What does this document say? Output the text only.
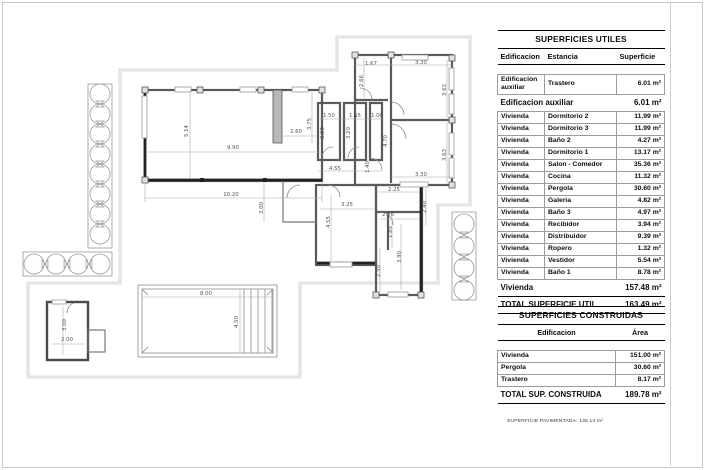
1.67	3.30
2.66
3.63
3.63
3.30
1.50	1.55 1.00
3.20	3.20
4.70
2.60
3.75
5.14
9.90
10.20
3.00
4.55	1.40
2.25
2.40
3.25
4.55
2.26
1.89
3.90
2.50
3.00
2.00
8.00
4.50
SUPERFICIES UTILES		
Edificacion	Estancia	Superficie

Edificacion auxiliar	Trastero	6.01 m²
Edificacion auxiliar		6.01 m²
Vivienda	Dormitorio 2	11.99 m²
Vivienda	Dormitorio 3	11.99 m²
Vivienda	Baño 2	4.27 m²
Vivienda	Dormitorio 1	13.17 m²
Vivienda	Salon - Comedor	35.36 m²
Vivienda	Cocina	11.32 m²
Vivienda	Pergola	30.60 m²
Vivienda	Galeria	4.82 m²
Vivienda	Baño 3	4.97 m²
Vivienda	Recibidor	3.94 m²
Vivienda	Distribuidor	9.39 m²
Vivienda	Ropero	1.32 m²
Vivienda	Vestidor	5.54 m²
Vivienda	Baño 1	8.78 m²
Vivienda		157.48 m²
TOTAL SUPERFICIE UTIL		163.49 m²
SUPERFICIES CONSTRUIDAS	
Edificacion	Área

Vivienda	151.00 m²
Pergola	30.60 m²
Trastero	8.17 m²
TOTAL SUP. CONSTRUIDA	189.78 m²
SUPERFICIE PAVIMENTADA: 136.14 m²
